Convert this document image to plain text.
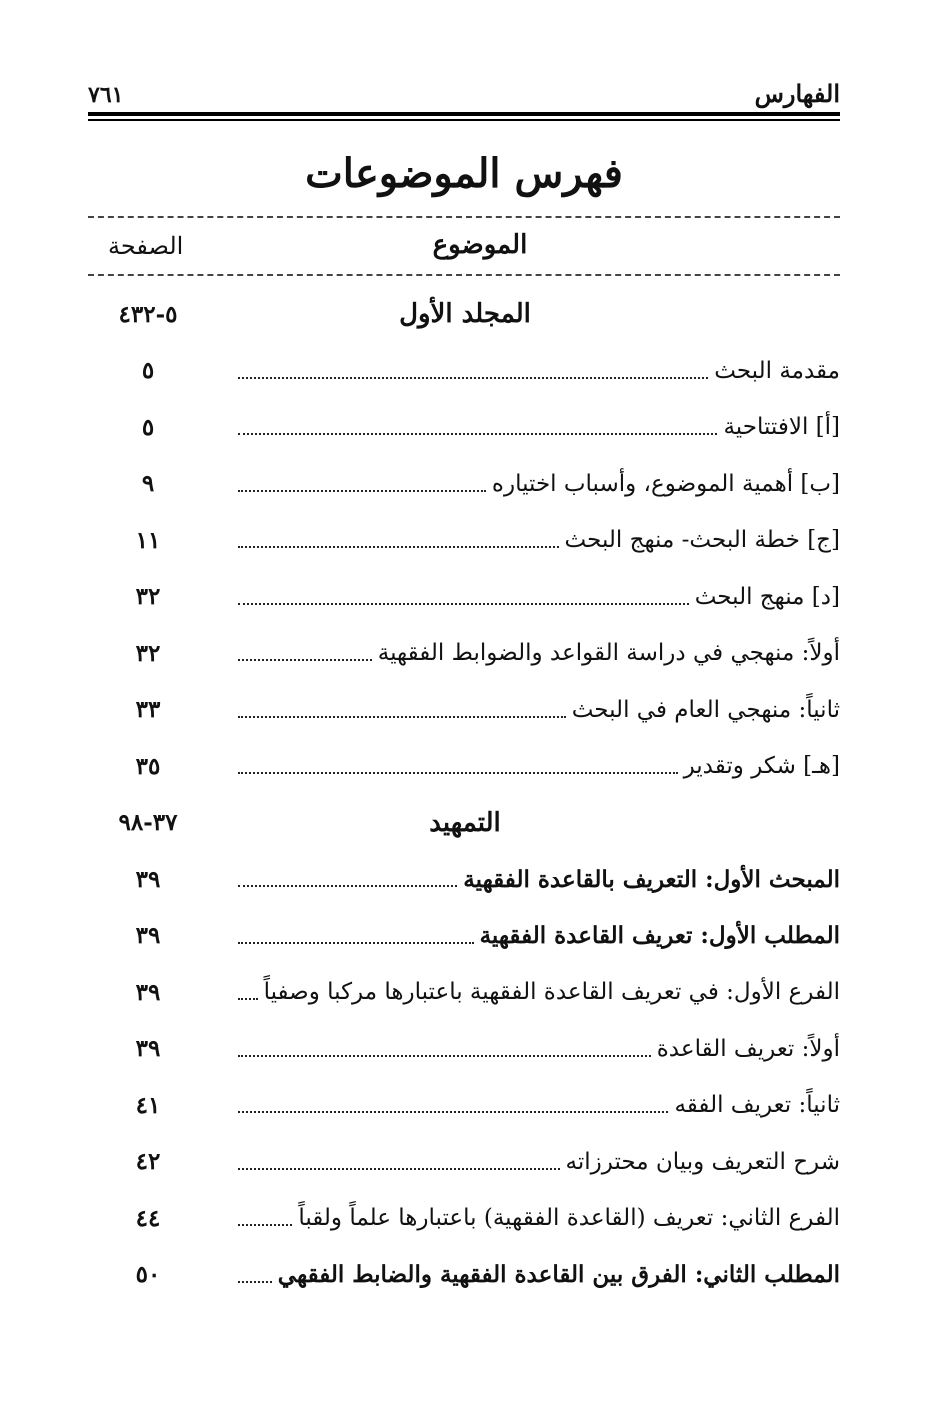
الفهارس
٧٦١
فهرس الموضوعات
الموضوع
الصفحة
المجلد الأول
٥-٤٣٢
مقدمة البحث
٥
[أ] الافتتاحية
٥
[ب] أهمية الموضوع، وأسباب اختياره
٩
[ج] خطة البحث- منهج البحث
١١
[د] منهج البحث
٣٢
أولاً: منهجي في دراسة القواعد والضوابط الفقهية
٣٢
ثانياً: منهجي العام في البحث
٣٣
[هـ] شكر وتقدير
٣٥
التمهيد
٣٧-٩٨
المبحث الأول: التعريف بالقاعدة الفقهية
٣٩
المطلب الأول: تعريف القاعدة الفقهية
٣٩
الفرع الأول: في تعريف القاعدة الفقهية باعتبارها مركبا وصفياً
٣٩
أولاً: تعريف القاعدة
٣٩
ثانياً: تعريف الفقه
٤١
شرح التعريف وبيان محترزاته
٤٢
الفرع الثاني: تعريف (القاعدة الفقهية) باعتبارها علماً ولقباً
٤٤
المطلب الثاني: الفرق بين القاعدة الفقهية والضابط الفقهي
٥٠
